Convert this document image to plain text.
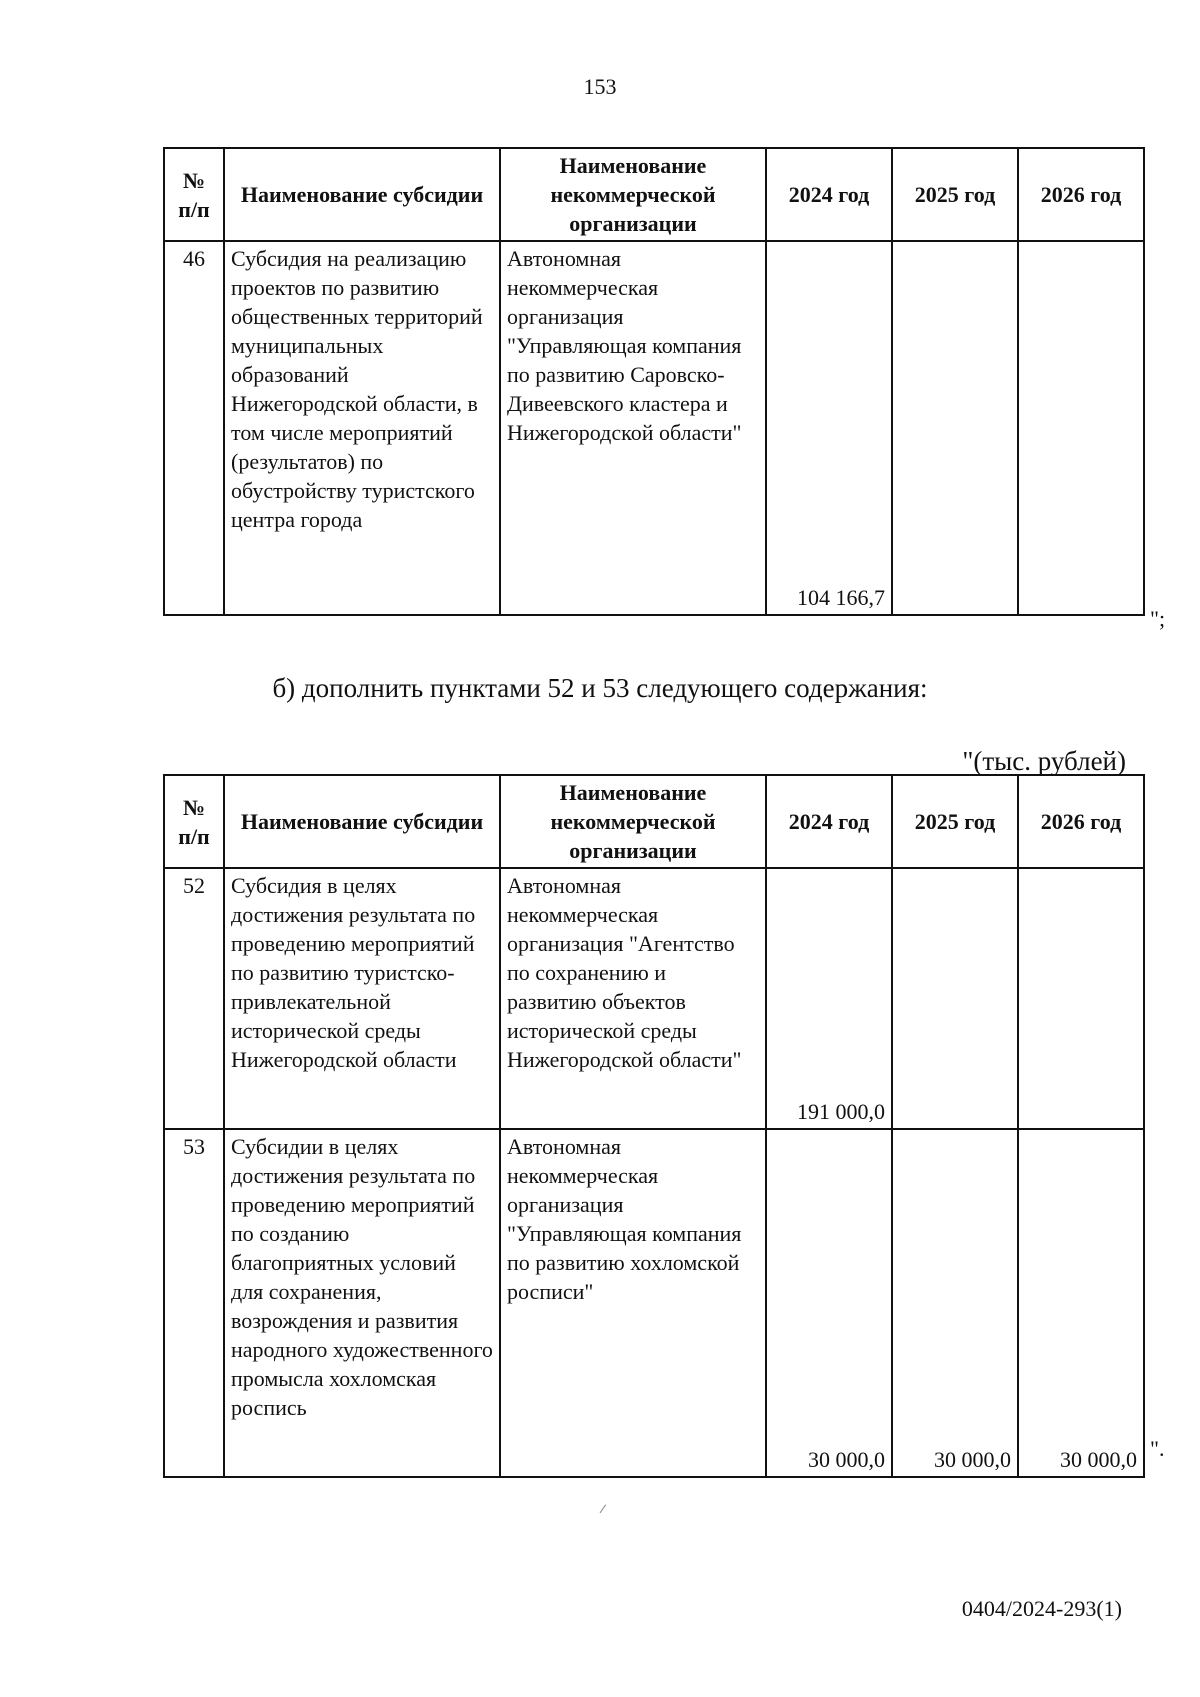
153
№ п/п	Наименование субсидии	Наименование некоммерческой организации	2024 год	2025 год	2026 год
46	Субсидия на реализацию проектов по развитию общественных территорий муниципальных образований Нижегородской области, в том числе мероприятий (результатов) по обустройству туристского центра города	Автономная некоммерческая организация "Управляющая компания по развитию Саровско-Дивеевского кластера и Нижегородской области"	104 166,7		
";
б) дополнить пунктами 52 и 53 следующего содержания:
"(тыс. рублей)
№ п/п	Наименование субсидии	Наименование некоммерческой организации	2024 год	2025 год	2026 год
52	Субсидия в целях достижения результата по проведению мероприятий по развитию туристско-привлекательной исторической среды Нижегородской области	Автономная некоммерческая организация "Агентство по сохранению и развитию объектов исторической среды Нижегородской области"	191 000,0		
53	Субсидии в целях достижения результата по проведению мероприятий по созданию благоприятных условий для сохранения, возрождения и развития народного художественного промысла хохломская роспись	Автономная некоммерческая организация "Управляющая компания по развитию хохломской росписи"	30 000,0	30 000,0	30 000,0 ".
0404/2024-293(1)
